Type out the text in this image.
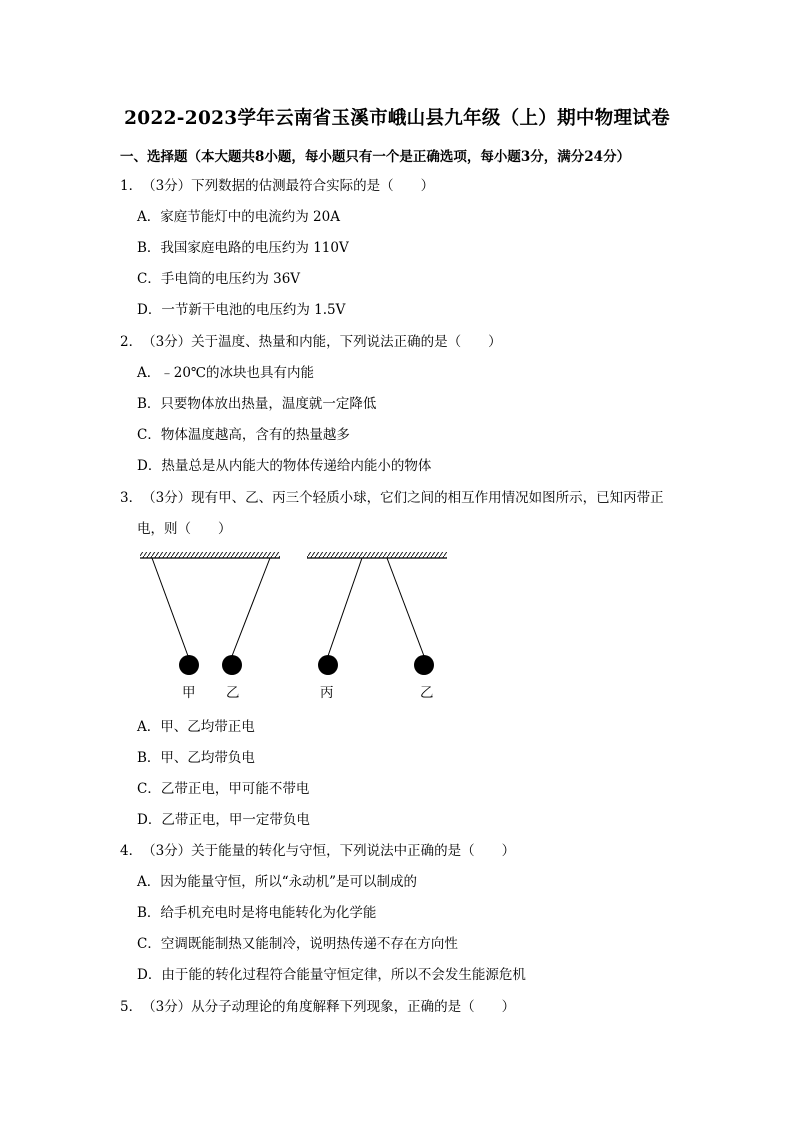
2022-2023学年云南省玉溪市峨山县九年级（上）期中物理试卷
一、选择题（本大题共8小题，每小题只有一个是正确选项，每小题3分，满分24分）
1．（3分）下列数据的估测最符合实际的是（　　）
A．家庭节能灯中的电流约为 20A
B．我国家庭电路的电压约为 110V
C．手电筒的电压约为 36V
D．一节新干电池的电压约为 1.5V
2．（3分）关于温度、热量和内能，下列说法正确的是（　　）
A．﹣20℃的冰块也具有内能
B．只要物体放出热量，温度就一定降低
C．物体温度越高，含有的热量越多
D．热量总是从内能大的物体传递给内能小的物体
3．（3分）现有甲、乙、丙三个轻质小球，它们之间的相互作用情况如图所示，已知丙带正
电，则（　　）
甲 乙	丙	乙
A．甲、乙均带正电
B．甲、乙均带负电
C．乙带正电，甲可能不带电
D．乙带正电，甲一定带负电
4．（3分）关于能量的转化与守恒，下列说法中正确的是（　　）
A．因为能量守恒，所以“永动机”是可以制成的
B．给手机充电时是将电能转化为化学能
C．空调既能制热又能制冷，说明热传递不存在方向性
D．由于能的转化过程符合能量守恒定律，所以不会发生能源危机
5．（3分）从分子动理论的角度解释下列现象，正确的是（　　）
